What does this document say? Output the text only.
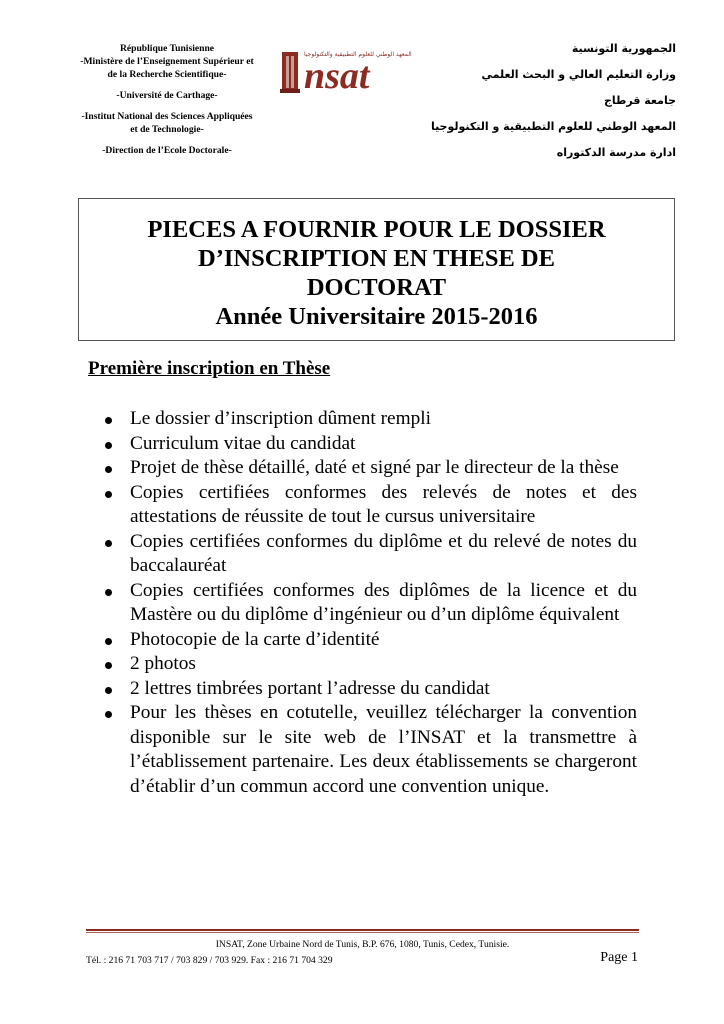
République Tunisienne
-Ministère de l’Enseignement Supérieur et
de la Recherche Scientifique-
-Université de Carthage-
-Institut National des Sciences Appliquées
et de Technologie-
-Direction de l’Ecole Doctorale-
المعهد الوطني للعلوم التطبيقية والتكنولوجيا
nsat
الجمهورية التونسية
وزارة التعليم العالي و البحث العلمي
جامعة قرطاج
المعهد الوطني للعلوم التطبيقية و التكنولوجيا
ادارة مدرسة الدكتوراه
PIECES A FOURNIR POUR LE DOSSIER
D’INSCRIPTION EN THESE DE
DOCTORAT
Année Universitaire 2015-2016
Première inscription en Thèse
Le dossier d’inscription dûment rempli
Curriculum vitae du candidat
Projet de thèse détaillé, daté et signé par le directeur de la thèse
Copies certifiées conformes des relevés de notes et des attestations de réussite de tout le cursus universitaire
Copies certifiées conformes du diplôme et du relevé de notes du baccalauréat
Copies certifiées conformes des diplômes de la licence et du Mastère ou du diplôme d’ingénieur ou d’un diplôme équivalent
Photocopie de la carte d’identité
2 photos
2 lettres timbrées portant l’adresse du candidat
Pour les thèses en cotutelle, veuillez télécharger la convention disponible sur le site web de l’INSAT et la transmettre à l’établissement partenaire. Les deux établissements se chargeront d’établir d’un commun accord une convention unique.
INSAT, Zone Urbaine Nord de Tunis, B.P. 676, 1080, Tunis, Cedex, Tunisie.
Tél. : 216 71 703 717 / 703 829 / 703 929. Fax : 216 71 704 329	Page 1
